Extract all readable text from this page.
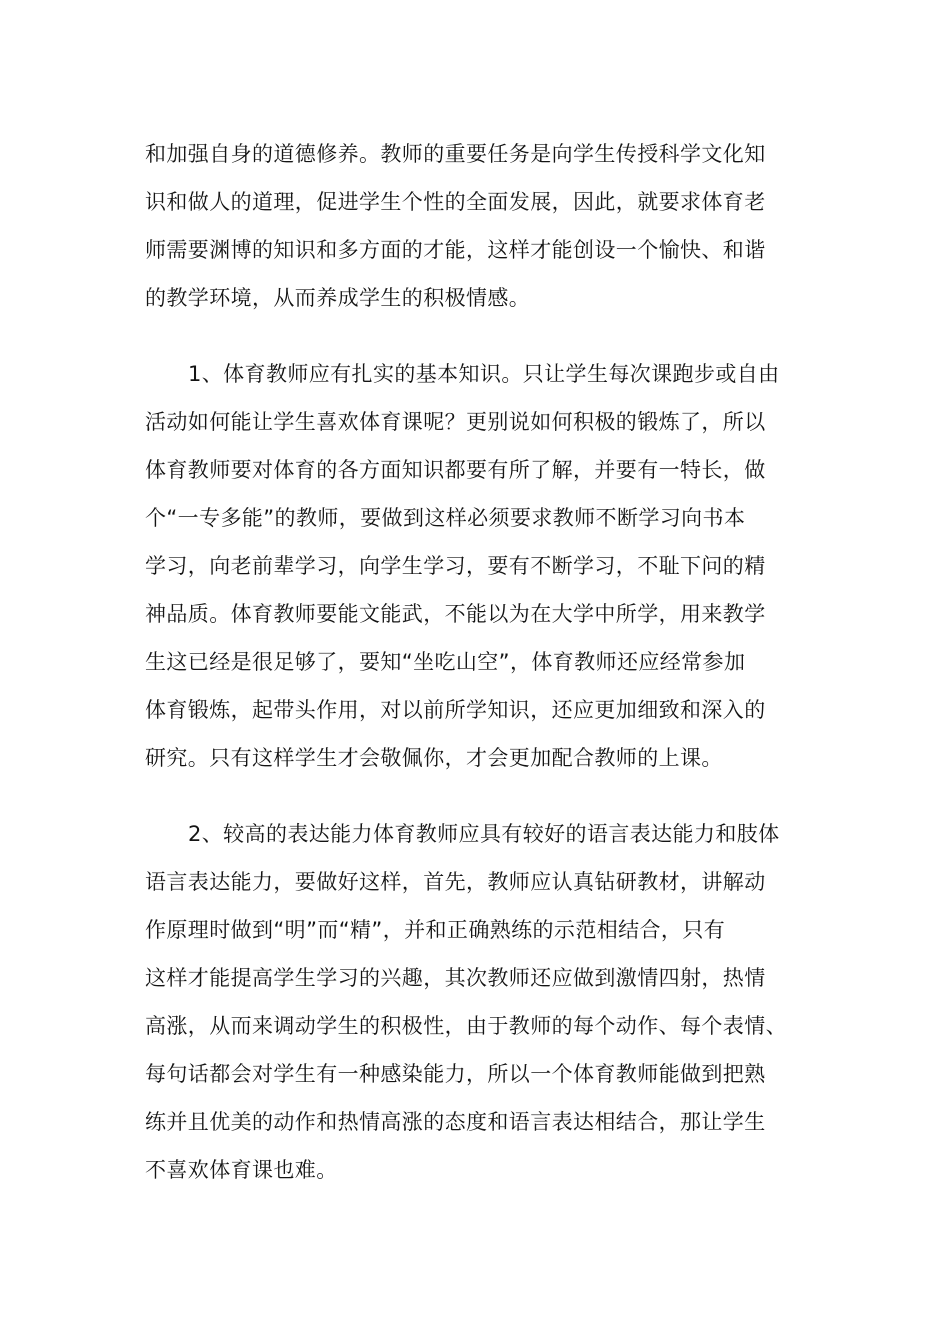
和加强自身的道德修养。教师的重要任务是向学生传授科学文化知
识和做人的道理，促进学生个性的全面发展，因此，就要求体育老
师需要渊博的知识和多方面的才能，这样才能创设一个愉快、和谐
的教学环境，从而养成学生的积极情感。
1、体育教师应有扎实的基本知识。只让学生每次课跑步或自由
活动如何能让学生喜欢体育课呢？更别说如何积极的锻炼了，所以
体育教师要对体育的各方面知识都要有所了解，并要有一特长，做
个“一专多能”的教师，要做到这样必须要求教师不断学习向书本
学习，向老前辈学习，向学生学习，要有不断学习，不耻下问的精
神品质。体育教师要能文能武，不能以为在大学中所学，用来教学
生这已经是很足够了，要知“坐吃山空”，体育教师还应经常参加
体育锻炼，起带头作用，对以前所学知识，还应更加细致和深入的
研究。只有这样学生才会敬佩你，才会更加配合教师的上课。
2、较高的表达能力体育教师应具有较好的语言表达能力和肢体
语言表达能力，要做好这样，首先，教师应认真钻研教材，讲解动
作原理时做到“明”而“精”，并和正确熟练的示范相结合，只有
这样才能提高学生学习的兴趣，其次教师还应做到激情四射，热情
高涨，从而来调动学生的积极性，由于教师的每个动作、每个表情、
每句话都会对学生有一种感染能力，所以一个体育教师能做到把熟
练并且优美的动作和热情高涨的态度和语言表达相结合，那让学生
不喜欢体育课也难。
